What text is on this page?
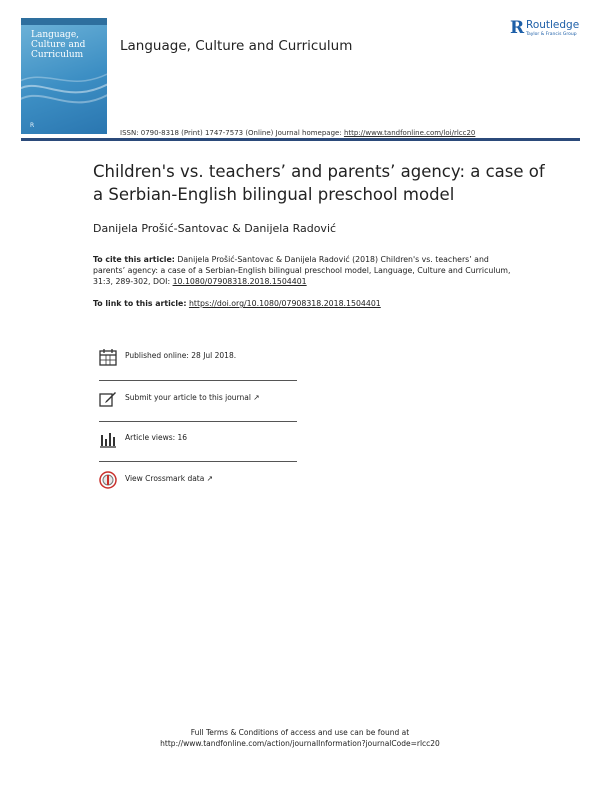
Language, Culture and Curriculum
R
Language, Culture and Curriculum
R Routledge
Taylor & Francis Group
ISSN: 0790-8318 (Print) 1747-7573 (Online) Journal homepage: http://www.tandfonline.com/loi/rlcc20
Children's vs. teachers’ and parents’ agency: a case of a Serbian-English bilingual preschool model
Danijela Prošić-Santovac & Danijela Radović
To cite this article: Danijela Prošić-Santovac & Danijela Radović (2018) Children's vs. teachers’ and parents’ agency: a case of a Serbian-English bilingual preschool model, Language, Culture and Curriculum, 31:3, 289-302, DOI: 10.1080/07908318.2018.1504401
To link to this article: https://doi.org/10.1080/07908318.2018.1504401
Published online: 28 Jul 2018.
Submit your article to this journal ↗
Article views: 16
View Crossmark data ↗
Full Terms & Conditions of access and use can be found at
http://www.tandfonline.com/action/journalInformation?journalCode=rlcc20
